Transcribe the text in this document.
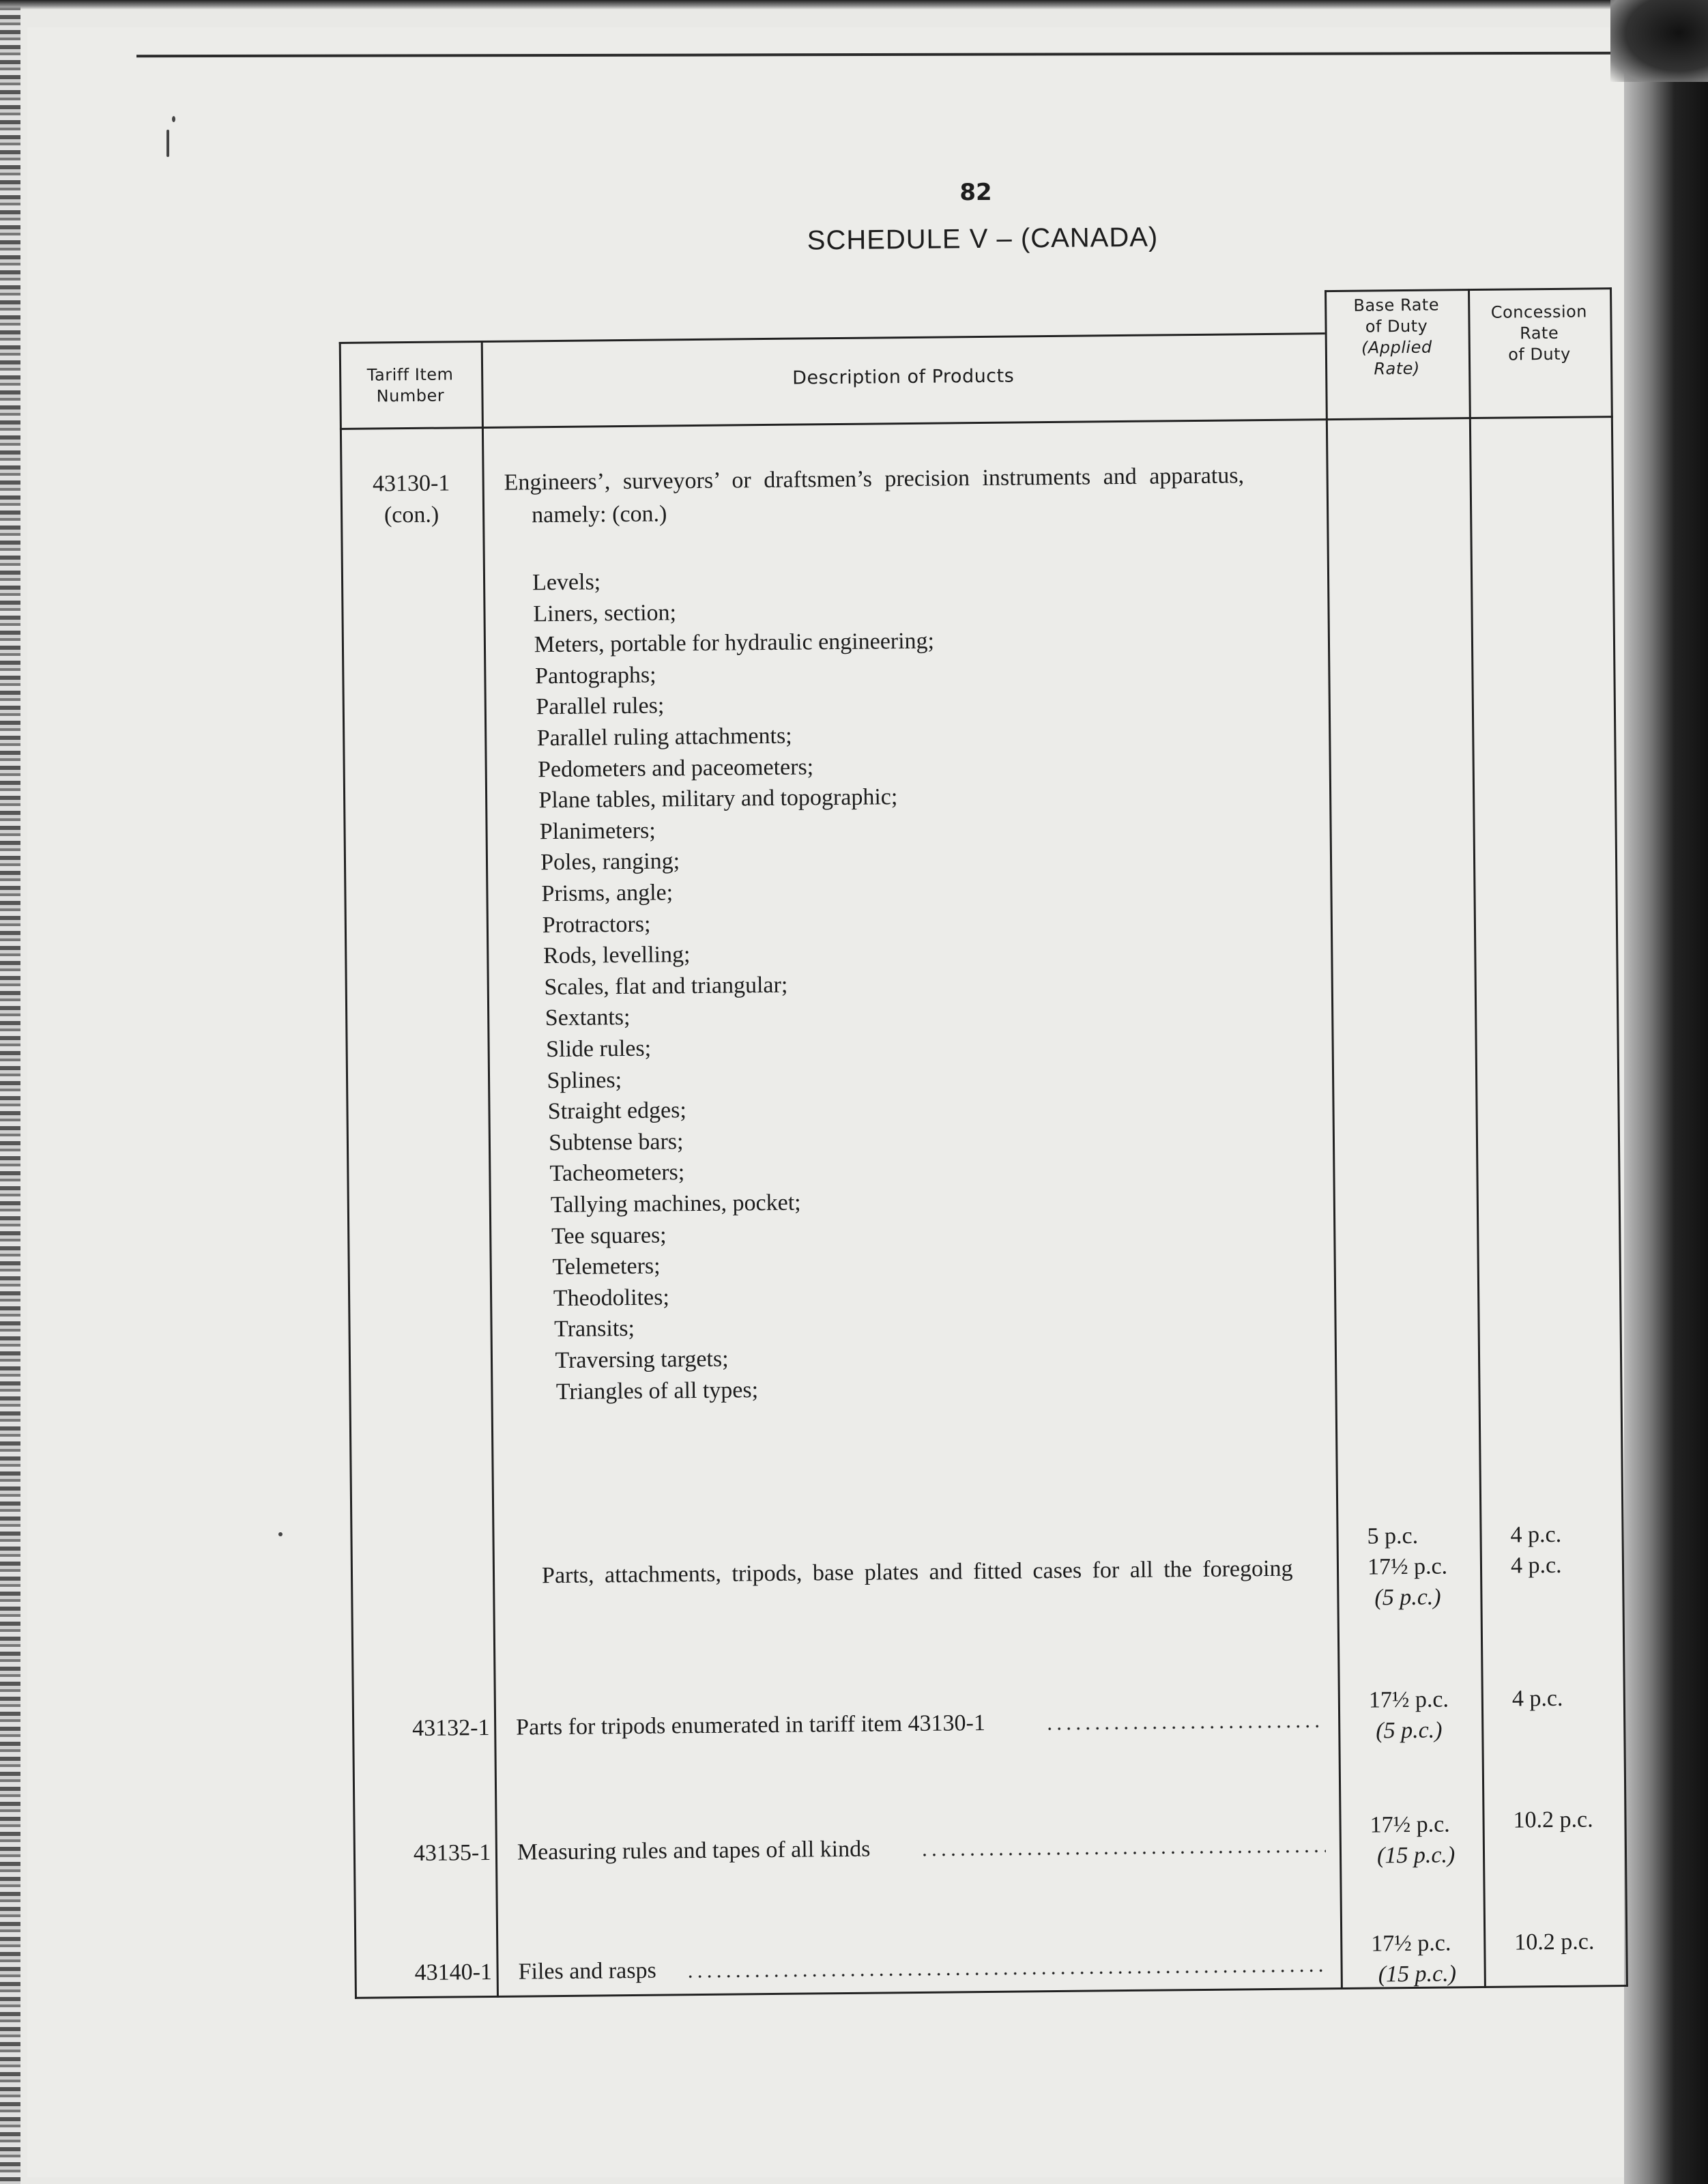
82
SCHEDULE V – (CANADA)
Tariff Item
Number
Description of Products
Base Rate
of Duty
(Applied
Rate)
Concession
Rate
of Duty
43130-1
(con.)
Engineers’, surveyors’ or draftsmen’s precision instruments and apparatus,
namely: (con.)
Levels;
Liners, section;
Meters, portable for hydraulic engineering;
Pantographs;
Parallel rules;
Parallel ruling attachments;
Pedometers and paceometers;
Plane tables, military and topographic;
Planimeters;
Poles, ranging;
Prisms, angle;
Protractors;
Rods, levelling;
Scales, flat and triangular;
Sextants;
Slide rules;
Splines;
Straight edges;
Subtense bars;
Tacheometers;
Tallying machines, pocket;
Tee squares;
Telemeters;
Theodolites;
Transits;
Traversing targets;
Triangles of all types;
Parts, attachments, tripods, base plates and fitted cases for all the foregoing
5 p.c.
17½ p.c.
(5 p.c.)
4 p.c.
4 p.c.
43132-1 Parts for tripods enumerated in tariff item 43130-1
17½ p.c.
(5 p.c.)
4 p.c.
43135-1 Measuring rules and tapes of all kinds
17½ p.c.
(15 p.c.)
10.2 p.c.
43140-1 Files and rasps
17½ p.c.
(15 p.c.)
10.2 p.c.
